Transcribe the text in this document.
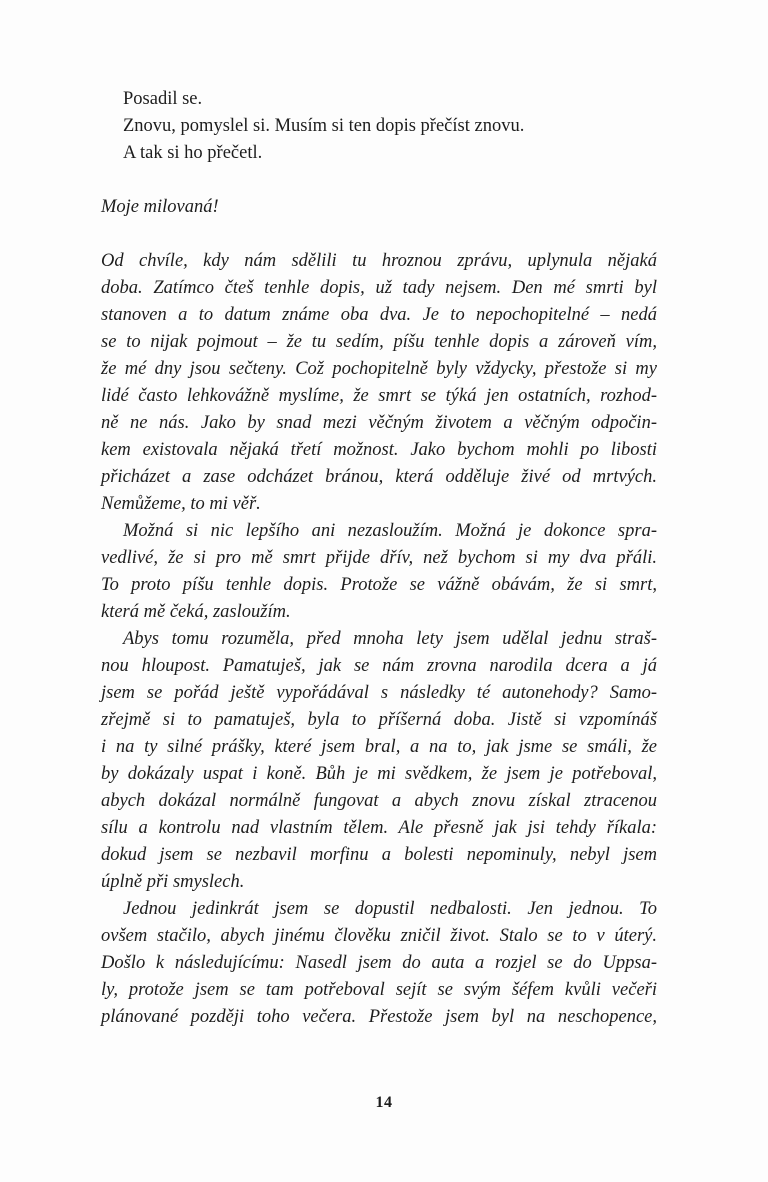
Posadil se.
Znovu, pomyslel si. Musím si ten dopis přečíst znovu.
A tak si ho přečetl.
Moje milovaná!
Od chvíle, kdy nám sdělili tu hroznou zprávu, uplynula nějaká
doba. Zatímco čteš tenhle dopis, už tady nejsem. Den mé smrti byl
stanoven a to datum známe oba dva. Je to nepochopitelné – nedá
se to nijak pojmout – že tu sedím, píšu tenhle dopis a zároveň vím,
že mé dny jsou sečteny. Což pochopitelně byly vždycky, přestože si my
lidé často lehkovážně myslíme, že smrt se týká jen ostatních, rozhod-
ně ne nás. Jako by snad mezi věčným životem a věčným odpočin-
kem existovala nějaká třetí možnost. Jako bychom mohli po libosti
přicházet a zase odcházet bránou, která odděluje živé od mrtvých.
Nemůžeme, to mi věř.
Možná si nic lepšího ani nezasloužím. Možná je dokonce spra-
vedlivé, že si pro mě smrt přijde dřív, než bychom si my dva přáli.
To proto píšu tenhle dopis. Protože se vážně obávám, že si smrt,
která mě čeká, zasloužím.
Abys tomu rozuměla, před mnoha lety jsem udělal jednu straš-
nou hloupost. Pamatuješ, jak se nám zrovna narodila dcera a já
jsem se pořád ještě vypořádával s následky té autonehody? Samo-
zřejmě si to pamatuješ, byla to příšerná doba. Jistě si vzpomínáš
i na ty silné prášky, které jsem bral, a na to, jak jsme se smáli, že
by dokázaly uspat i koně. Bůh je mi svědkem, že jsem je potřeboval,
abych dokázal normálně fungovat a abych znovu získal ztracenou
sílu a kontrolu nad vlastním tělem. Ale přesně jak jsi tehdy říkala:
dokud jsem se nezbavil morfinu a bolesti nepominuly, nebyl jsem
úplně při smyslech.
Jednou jedinkrát jsem se dopustil nedbalosti. Jen jednou. To
ovšem stačilo, abych jinému člověku zničil život. Stalo se to v úterý.
Došlo k následujícímu: Nasedl jsem do auta a rozjel se do Uppsa-
ly, protože jsem se tam potřeboval sejít se svým šéfem kvůli večeři
plánované později toho večera. Přestože jsem byl na neschopence,
14
